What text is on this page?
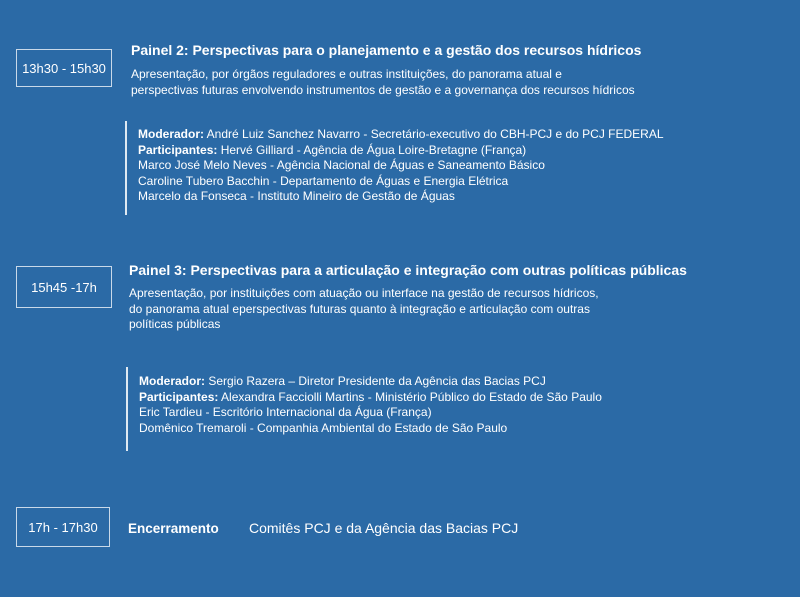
13h30 - 15h30
Painel 2: Perspectivas para o planejamento e a gestão dos recursos hídricos
Apresentação, por órgãos reguladores e outras instituições, do panorama atual e
perspectivas futuras envolvendo instrumentos de gestão e a governança dos recursos hídricos
Moderador: André Luiz Sanchez Navarro - Secretário-executivo do CBH-PCJ e do PCJ FEDERAL
Participantes: Hervé Gilliard - Agência de Água Loire-Bretagne (França)
Marco José Melo Neves - Agência Nacional de Águas e Saneamento Básico
Caroline Tubero Bacchin - Departamento de Águas e Energia Elétrica
Marcelo da Fonseca - Instituto Mineiro de Gestão de Águas
15h45 -17h
Painel 3: Perspectivas para a articulação e integração com outras políticas públicas
Apresentação, por instituições com atuação ou interface na gestão de recursos hídricos,
do panorama atual eperspectivas futuras quanto à integração e articulação com outras
políticas públicas
Moderador: Sergio Razera – Diretor Presidente da Agência das Bacias PCJ
Participantes: Alexandra Facciolli Martins - Ministério Público do Estado de São Paulo
Eric Tardieu - Escritório Internacional da Água (França)
Domênico Tremaroli - Companhia Ambiental do Estado de São Paulo
17h - 17h30 Encerramento Comitês PCJ e da Agência das Bacias PCJ
